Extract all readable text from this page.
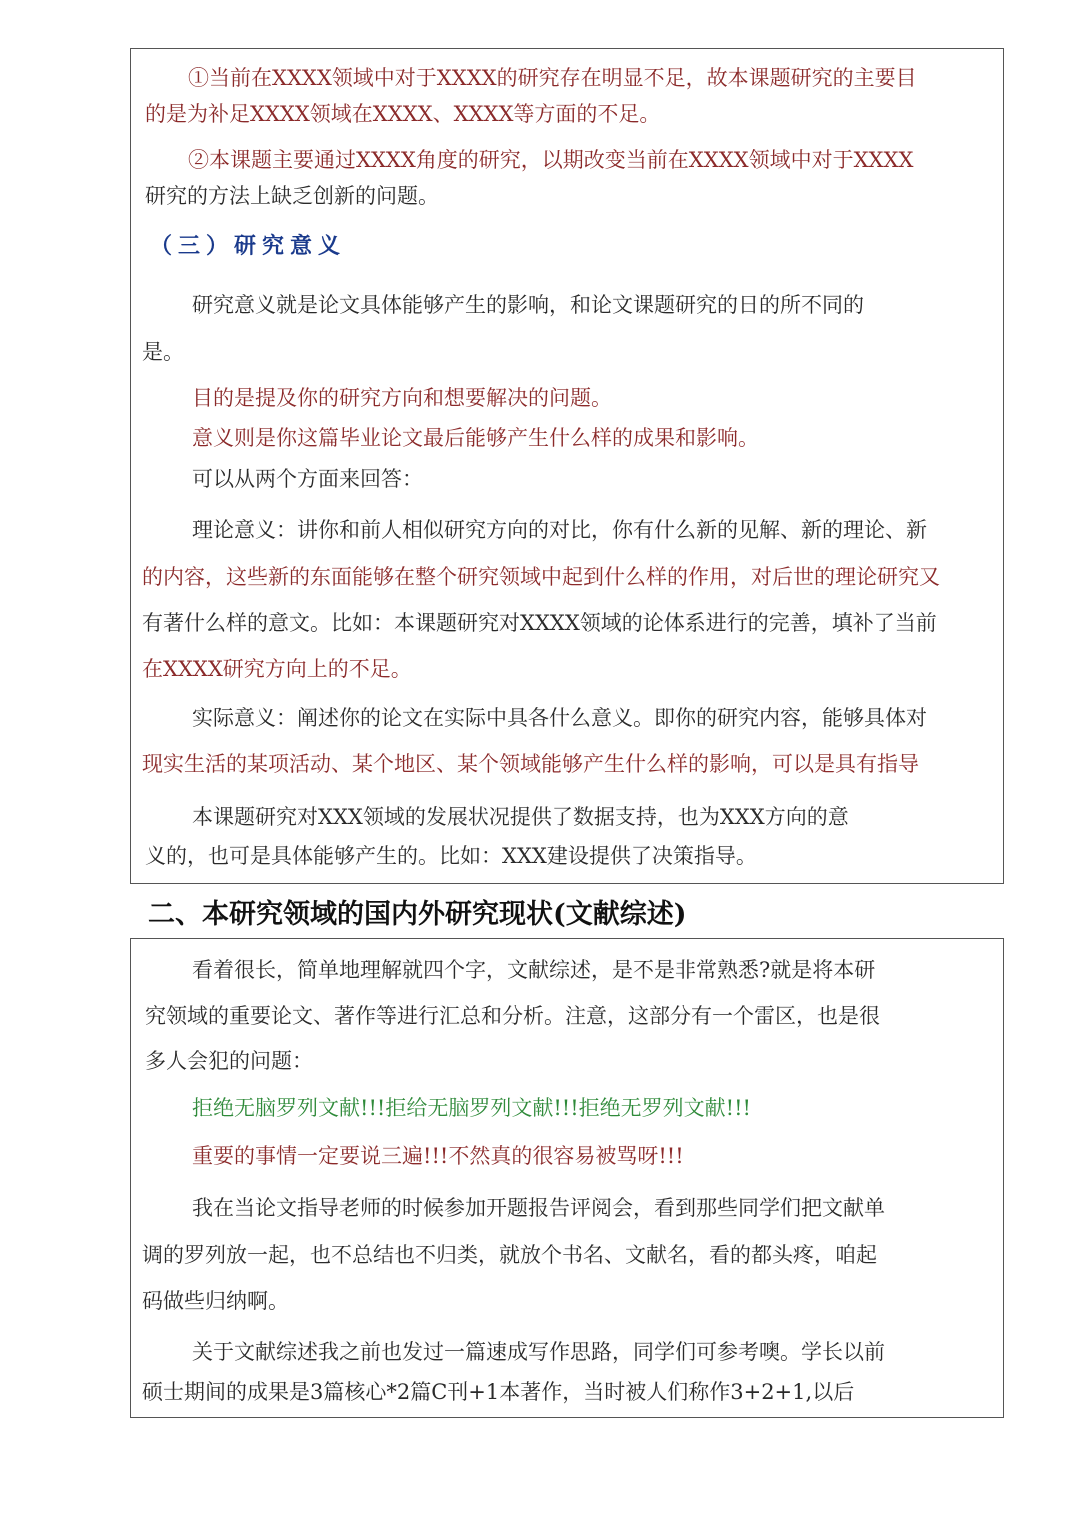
①当前在XXXX领域中对于XXXX的研究存在明显不足，故本课题研究的主要目
的是为补足XXXX领域在XXXX、XXXX等方面的不足。
②本课题主要通过XXXX角度的研究，以期改变当前在XXXX领域中对于XXXX
研究的方法上缺乏创新的问题。
（三）研究意义
研究意义就是论文具体能够产生的影响，和论文课题研究的日的所不同的
是。
目的是提及你的研究方向和想要解决的问题。
意义则是你这篇毕业论文最后能够产生什么样的成果和影响。
可以从两个方面来回答：
理论意义：讲你和前人相似研究方向的对比，你有什么新的见解、新的理论、新
的内容，这些新的东面能够在整个研究领域中起到什么样的作用，对后世的理论研究又
有著什么样的意文。比如：本课题研究对XXXX领域的论体系进行的完善，填补了当前
在XXXX研究方向上的不足。
实际意义：阐述你的论文在实际中具各什么意义。即你的研究内容，能够具体对
现实生活的某项活动、某个地区、某个领域能够产生什么样的影响，可以是具有指导
本课题研究对XXX领域的发展状况提供了数据支持，也为XXX方向的意
义的，也可是具体能够产生的。比如：XXX建设提供了决策指导。
二、本研究领域的国内外研究现状(文献综述)
看着很长，简单地理解就四个字，文献综述，是不是非常熟悉?就是将本研
究领域的重要论文、著作等进行汇总和分析。注意，这部分有一个雷区，也是很
多人会犯的问题：
拒绝无脑罗列文献!!!拒给无脑罗列文献!!!拒绝无罗列文献!!!
重要的事情一定要说三遍!!!不然真的很容易被骂呀!!!
我在当论文指导老师的时候参加开题报告评阅会，看到那些同学们把文献单
调的罗列放一起，也不总结也不归类，就放个书名、文献名，看的都头疼，咱起
码做些归纳啊。
关于文献综述我之前也发过一篇速成写作思路，同学们可参考噢。学长以前
硕士期间的成果是3篇核心*2篇C刊+1本著作，当时被人们称作3+2+1,以后
